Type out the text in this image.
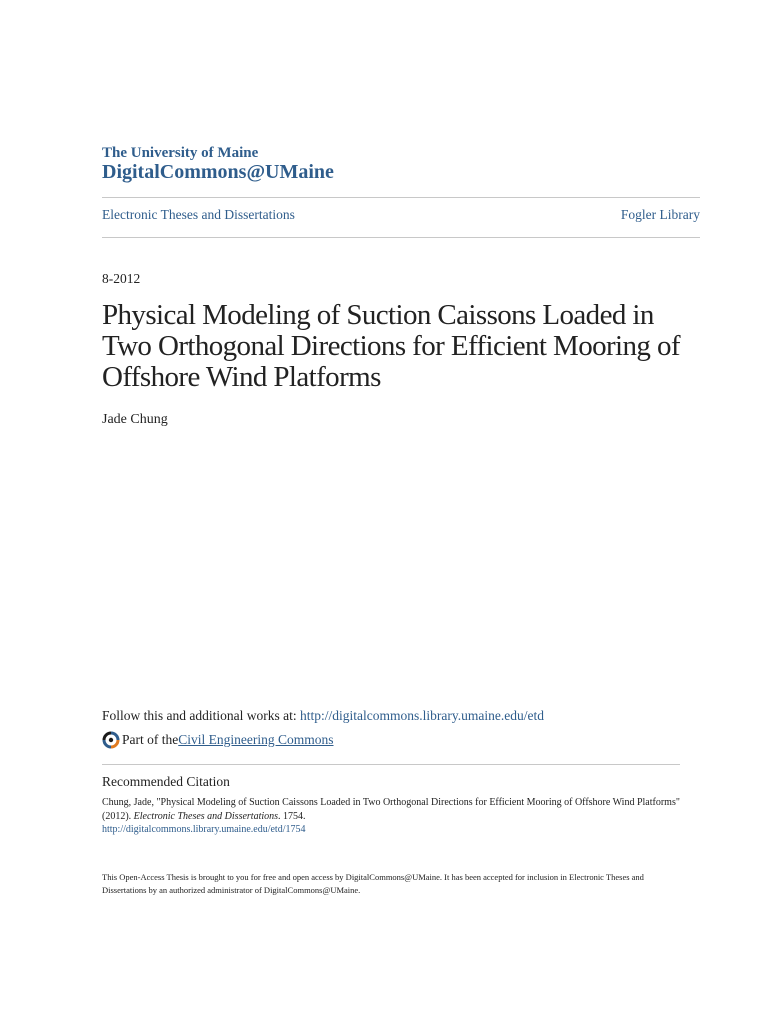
The University of Maine
DigitalCommons@UMaine
Electronic Theses and Dissertations	Fogler Library
8-2012
Physical Modeling of Suction Caissons Loaded in Two Orthogonal Directions for Efficient Mooring of Offshore Wind Platforms
Jade Chung
Follow this and additional works at: http://digitalcommons.library.umaine.edu/etd
Part of the Civil Engineering Commons
Recommended Citation
Chung, Jade, "Physical Modeling of Suction Caissons Loaded in Two Orthogonal Directions for Efficient Mooring of Offshore Wind Platforms" (2012). Electronic Theses and Dissertations. 1754.
http://digitalcommons.library.umaine.edu/etd/1754
This Open-Access Thesis is brought to you for free and open access by DigitalCommons@UMaine. It has been accepted for inclusion in Electronic Theses and Dissertations by an authorized administrator of DigitalCommons@UMaine.
